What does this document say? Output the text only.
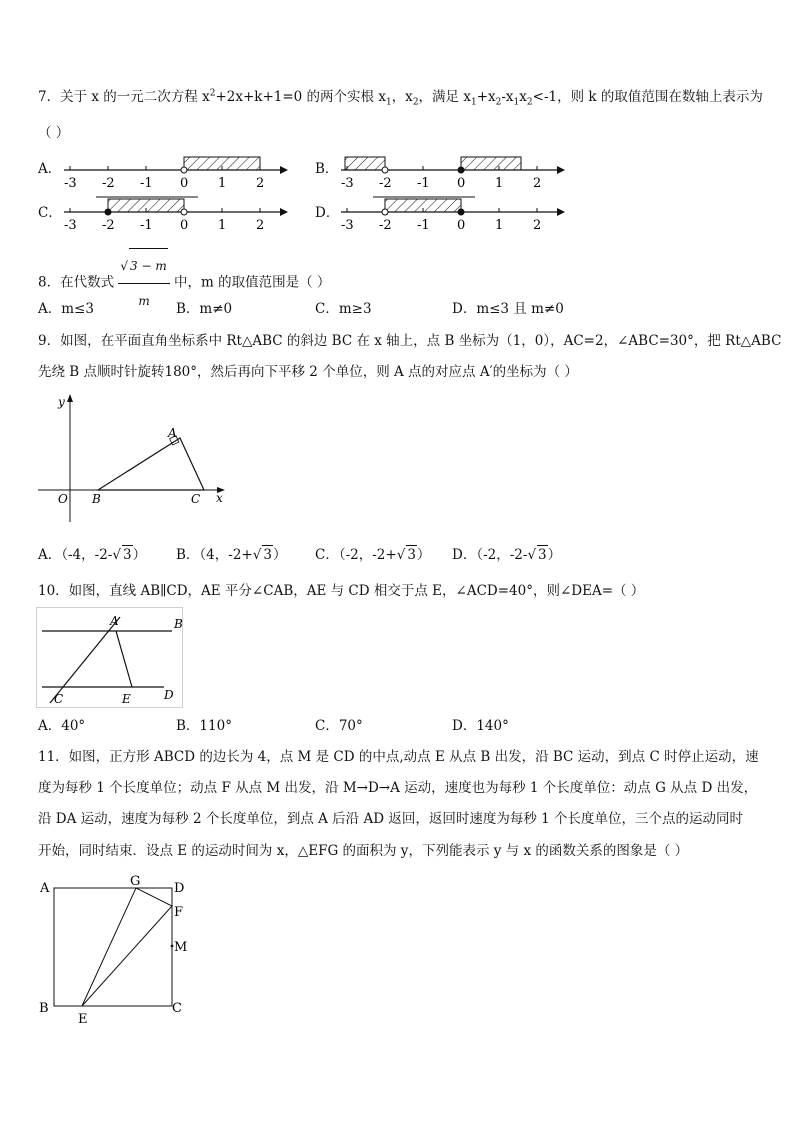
7．关于 x 的一元二次方程 $x^2+2x+k+1=0$ 的两个实根 $x_1$，$x_2$，满足 $x_1+x_2-x_1x_2<-1$，则 k 的取值范围在数轴上表示为
（ ）
A．
-3 -2 -1 0 1 2
B．
-3 -2 -1 0 1 2
C．
-3 -2 -1 0 1 2
D．
-3 -2 -1 0 1 2
8．在代数式 $\frac{√ 3 - m}{m}$ 中，m 的取值范围是（ ）
A．m≤3	B．m≠0	C．m≥3	D．m≤3 且 m≠0
9．如图，在平面直角坐标系中 Rt△ABC 的斜边 BC 在 x 轴上，点 B 坐标为（1，0），AC=2，∠ABC=30°，把 Rt△ABC
先绕 B 点顺时针旋转180°，然后再向下平移 2 个单位，则 A 点的对应点 A′的坐标为（ ）
y
x
O B	C
A
A．（-4，-2-√ 3） B．（4，-2+√ 3） C．（-2，-2+√ 3） D．（-2，-2-√ 3）
10．如图，直线 AB∥CD，AE 平分∠CAB，AE 与 CD 相交于点 E，∠ACD=40°，则∠DEA=（ ）
A	B
C	E	D
A．40°	B．110°	C．70°	D．140°
11．如图，正方形 ABCD 的边长为 4，点 M 是 CD 的中点,动点 E 从点 B 出发，沿 BC 运动，到点 C 时停止运动，速
度为每秒 1 个长度单位；动点 F 从点 M 出发，沿 M→D→A 运动，速度也为每秒 1 个长度单位：动点 G 从点 D 出发，
沿 DA 运动，速度为每秒 2 个长度单位，到点 A 后沿 AD 返回，返回时速度为每秒 1 个长度单位，三个点的运动同时
开始，同时结束．设点 E 的运动时间为 x，△EFG 的面积为 y，下列能表示 y 与 x 的函数关系的图象是（ ）
A	G	D
F
M
B
E
C
